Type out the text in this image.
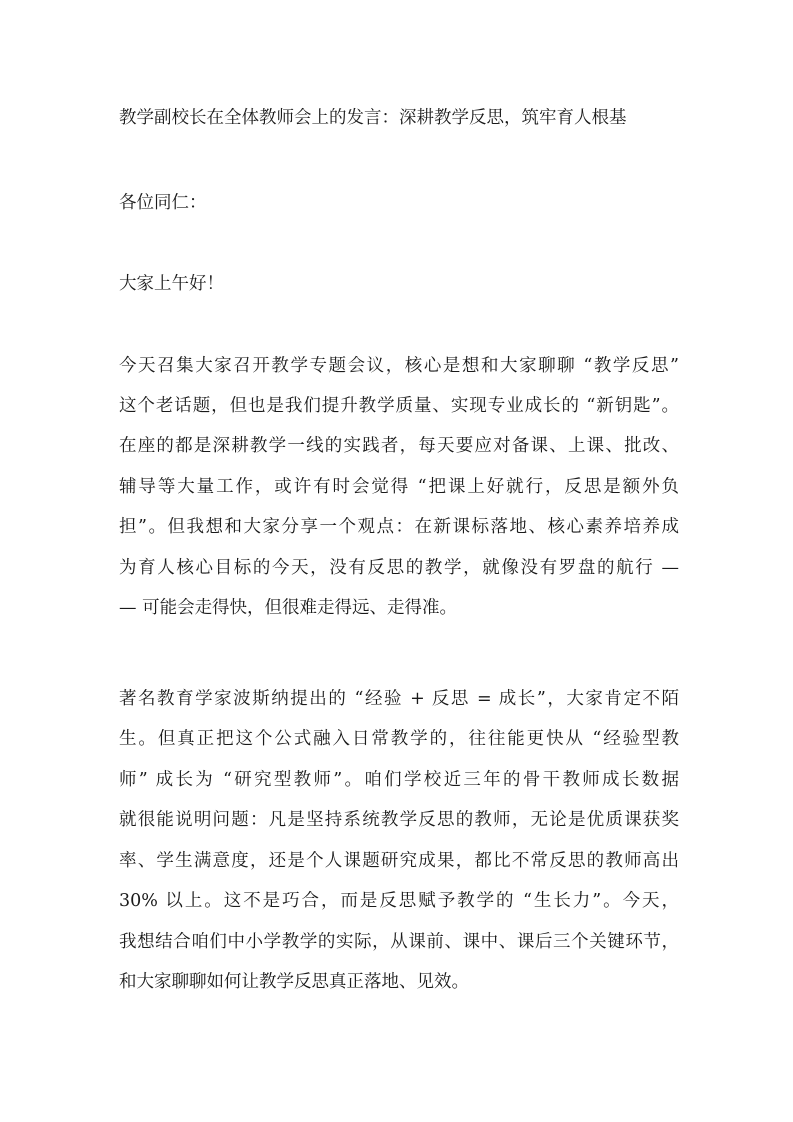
教学副校长在全体教师会上的发言：深耕教学反思，筑牢育人根基
各位同仁：
大家上午好！
今天召集大家召开教学专题会议，核心是想和大家聊聊 “教学反思”
这个老话题，但也是我们提升教学质量、实现专业成长的 “新钥匙”。
在座的都是深耕教学一线的实践者，每天要应对备课、上课、批改、
辅导等大量工作，或许有时会觉得 “把课上好就行，反思是额外负
担”。但我想和大家分享一个观点：在新课标落地、核心素养培养成
为育人核心目标的今天，没有反思的教学，就像没有罗盘的航行 —
— 可能会走得快，但很难走得远、走得准。
著名教育学家波斯纳提出的 “经验 + 反思 = 成长”，大家肯定不陌
生。但真正把这个公式融入日常教学的，往往能更快从 “经验型教
师” 成长为 “研究型教师”。咱们学校近三年的骨干教师成长数据
就很能说明问题：凡是坚持系统教学反思的教师，无论是优质课获奖
率、学生满意度，还是个人课题研究成果，都比不常反思的教师高出
30% 以上。这不是巧合，而是反思赋予教学的 “生长力”。今天，
我想结合咱们中小学教学的实际，从课前、课中、课后三个关键环节，
和大家聊聊如何让教学反思真正落地、见效。
